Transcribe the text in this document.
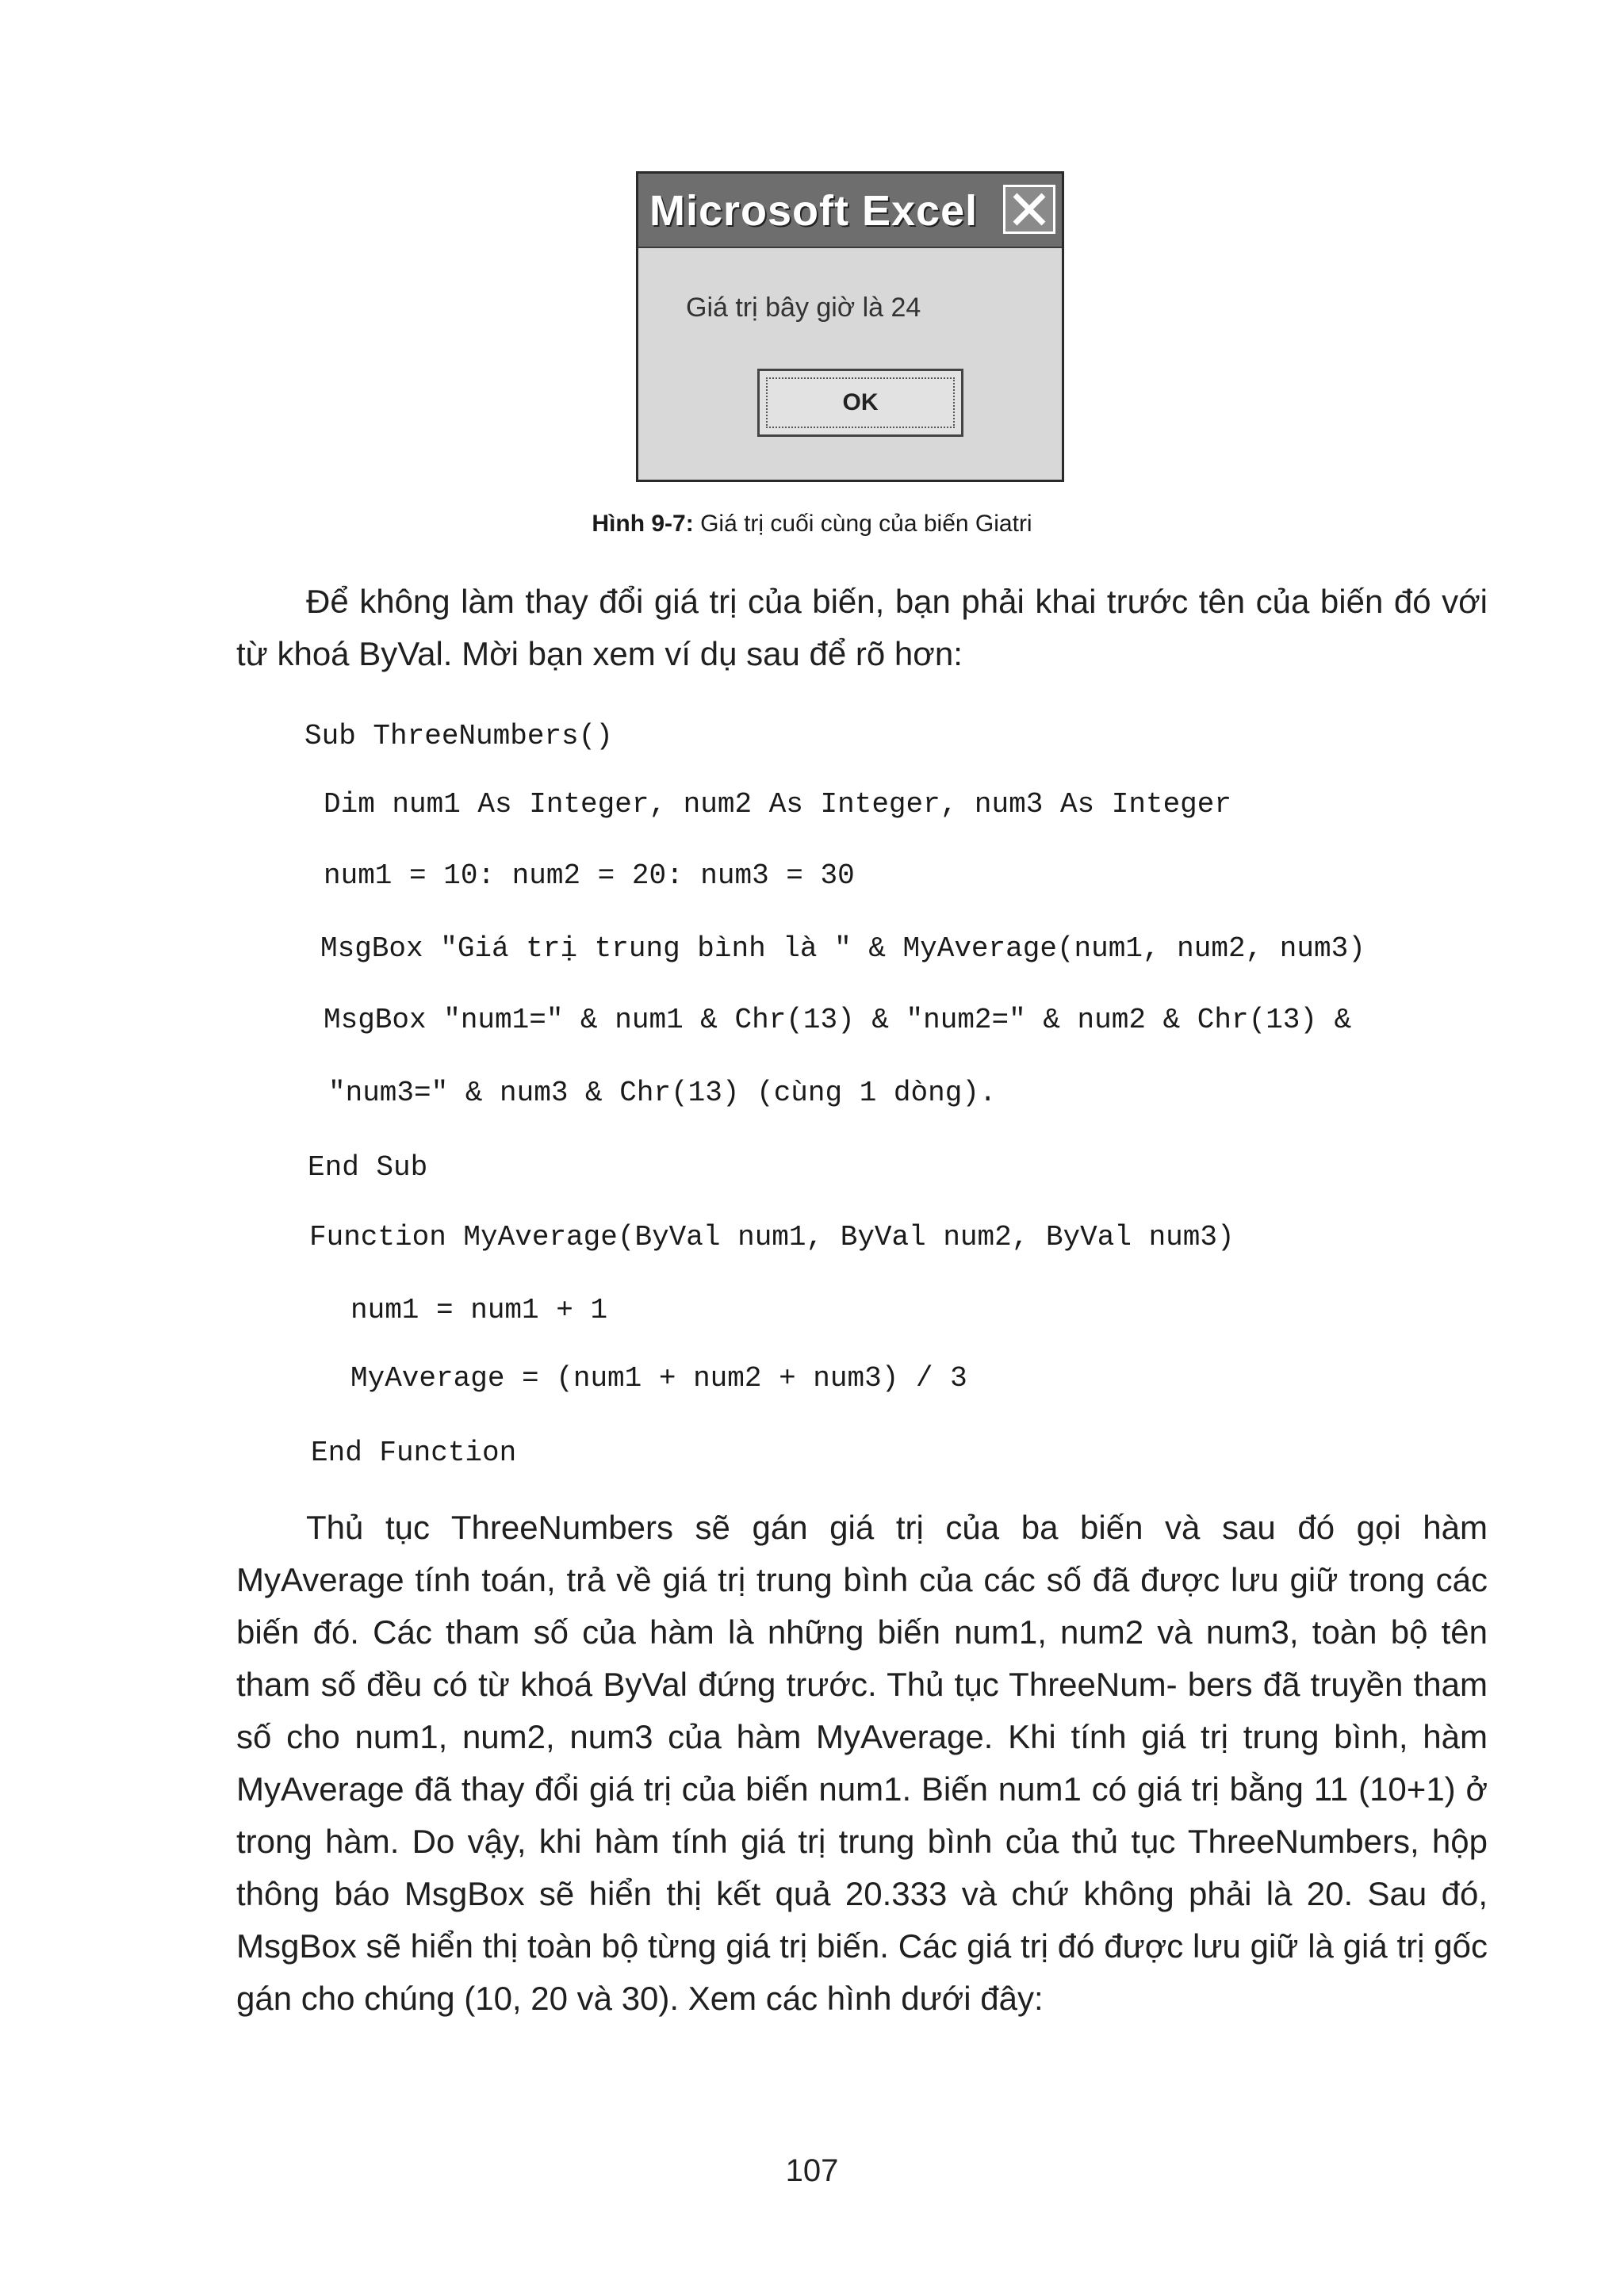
Microsoft Excel
Giá trị bây giờ là 24
OK
Hình 9-7: Giá trị cuối cùng của biến Giatri

Để không làm thay đổi giá trị của biến, bạn phải khai trước tên của biến đó với từ khoá ByVal. Mời bạn xem ví dụ sau để rõ hơn:

Sub ThreeNumbers()
Dim num1 As Integer, num2 As Integer, num3 As Integer
num1 = 10: num2 = 20: num3 = 30
MsgBox "Giá trị trung bình là " & MyAverage(num1, num2, num3)
MsgBox "num1=" & num1 & Chr(13) & "num2=" & num2 & Chr(13) &
"num3=" & num3 & Chr(13) (cùng 1 dòng).
End Sub
Function MyAverage(ByVal num1, ByVal num2, ByVal num3)
num1 = num1 + 1
MyAverage = (num1 + num2 + num3) / 3
End Function

Thủ tục ThreeNumbers sẽ gán giá trị của ba biến và sau đó gọi hàm MyAverage tính toán, trả về giá trị trung bình của các số đã được lưu giữ trong các biến đó. Các tham số của hàm là những biến num1, num2 và num3, toàn bộ tên tham số đều có từ khoá ByVal đứng trước. Thủ tục ThreeNum- bers đã truyền tham số cho num1, num2, num3 của hàm MyAverage. Khi tính giá trị trung bình, hàm MyAverage đã thay đổi giá trị của biến num1. Biến num1 có giá trị bằng 11 (10+1) ở trong hàm. Do vậy, khi hàm tính giá trị trung bình của thủ tục ThreeNumbers, hộp thông báo MsgBox sẽ hiển thị kết quả 20.333 và chứ không phải là 20. Sau đó, MsgBox sẽ hiển thị toàn bộ từng giá trị biến. Các giá trị đó được lưu giữ là giá trị gốc gán cho chúng (10, 20 và 30). Xem các hình dưới đây:

107
